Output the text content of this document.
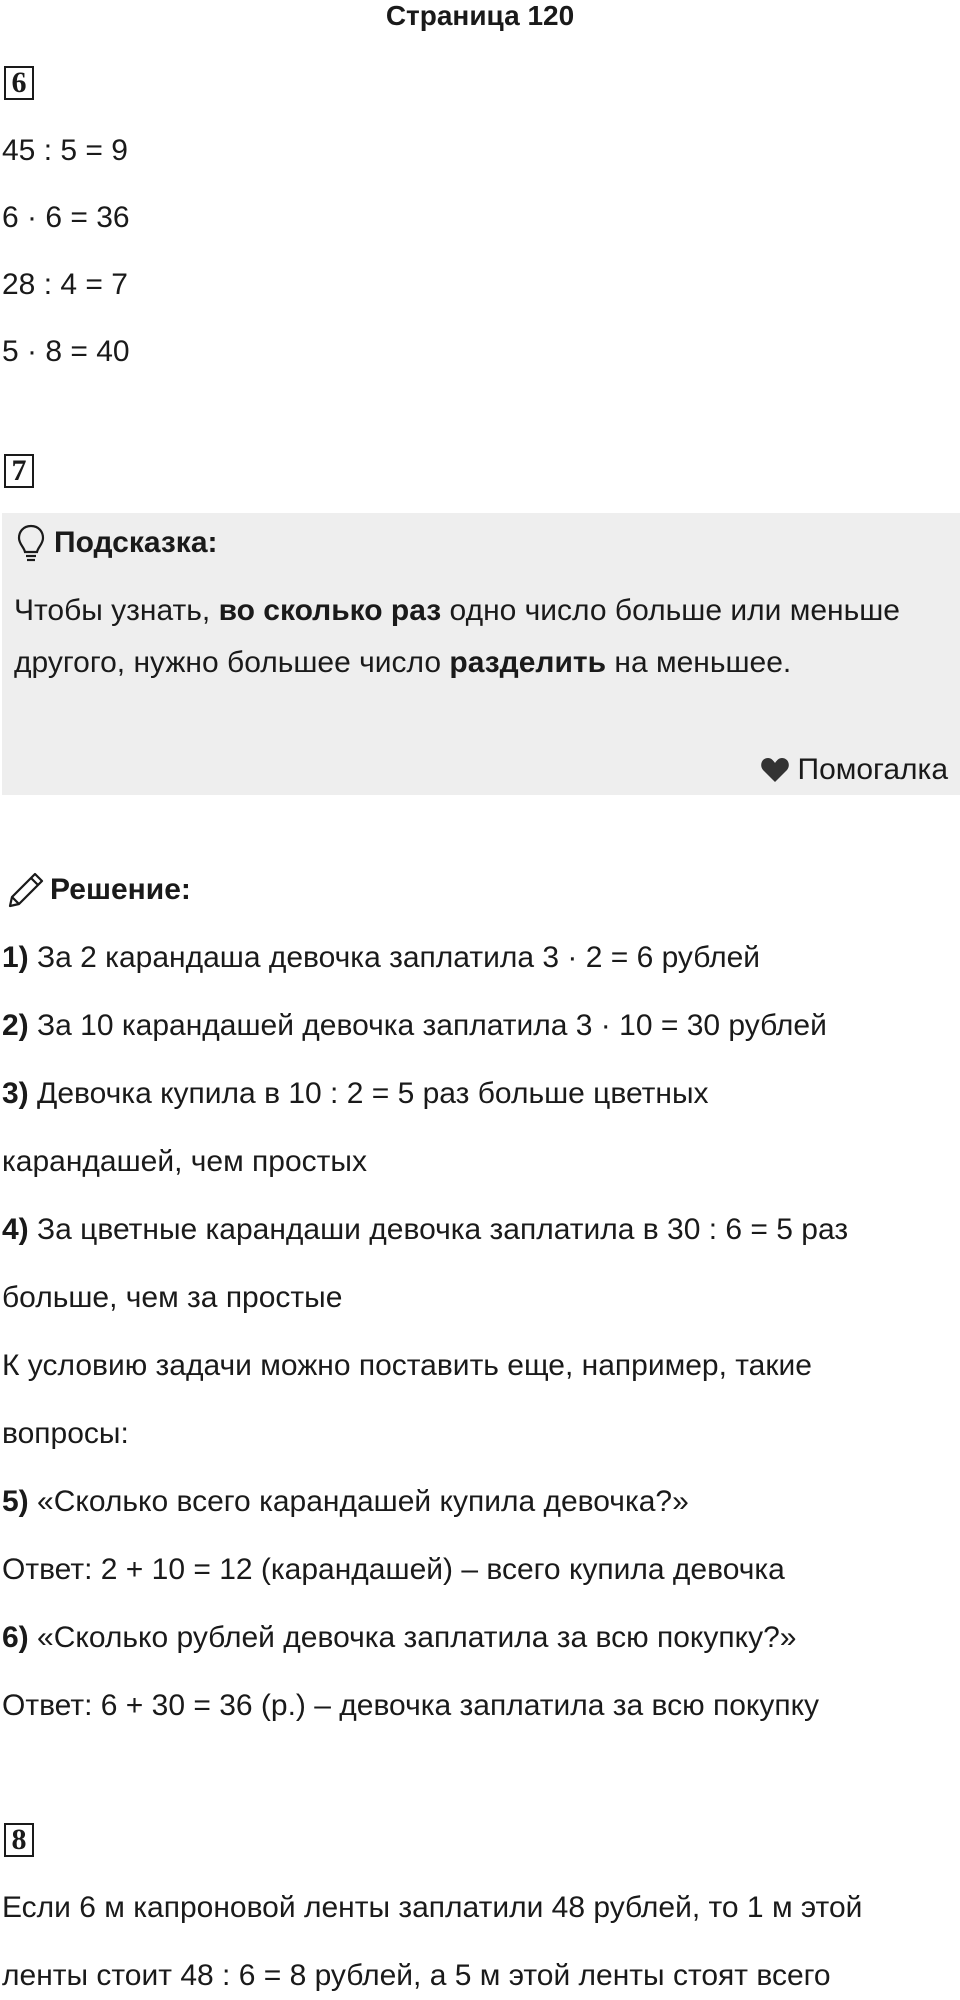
Страница 120
6
45 : 5 = 9
6 · 6 = 36
28 : 4 = 7
5 · 8 = 40
7
Подсказка:
Чтобы узнать, во сколько раз одно число больше или меньше другого, нужно большее число разделить на меньшее.
Помогалка
Решение:
1) За 2 карандаша девочка заплатила 3 · 2 = 6 рублей
2) За 10 карандашей девочка заплатила 3 · 10 = 30 рублей
3) Девочка купила в 10 : 2 = 5 раз больше цветных
карандашей, чем простых
4) За цветные карандаши девочка заплатила в 30 : 6 = 5 раз
больше, чем за простые
К условию задачи можно поставить еще, например, такие
вопросы:
5) «Сколько всего карандашей купила девочка?»
Ответ: 2 + 10 = 12 (карандашей) – всего купила девочка
6) «Сколько рублей девочка заплатила за всю покупку?»
Ответ: 6 + 30 = 36 (р.) – девочка заплатила за всю покупку
8
Если 6 м капроновой ленты заплатили 48 рублей, то 1 м этой
ленты стоит 48 : 6 = 8 рублей, а 5 м этой ленты стоят всего
